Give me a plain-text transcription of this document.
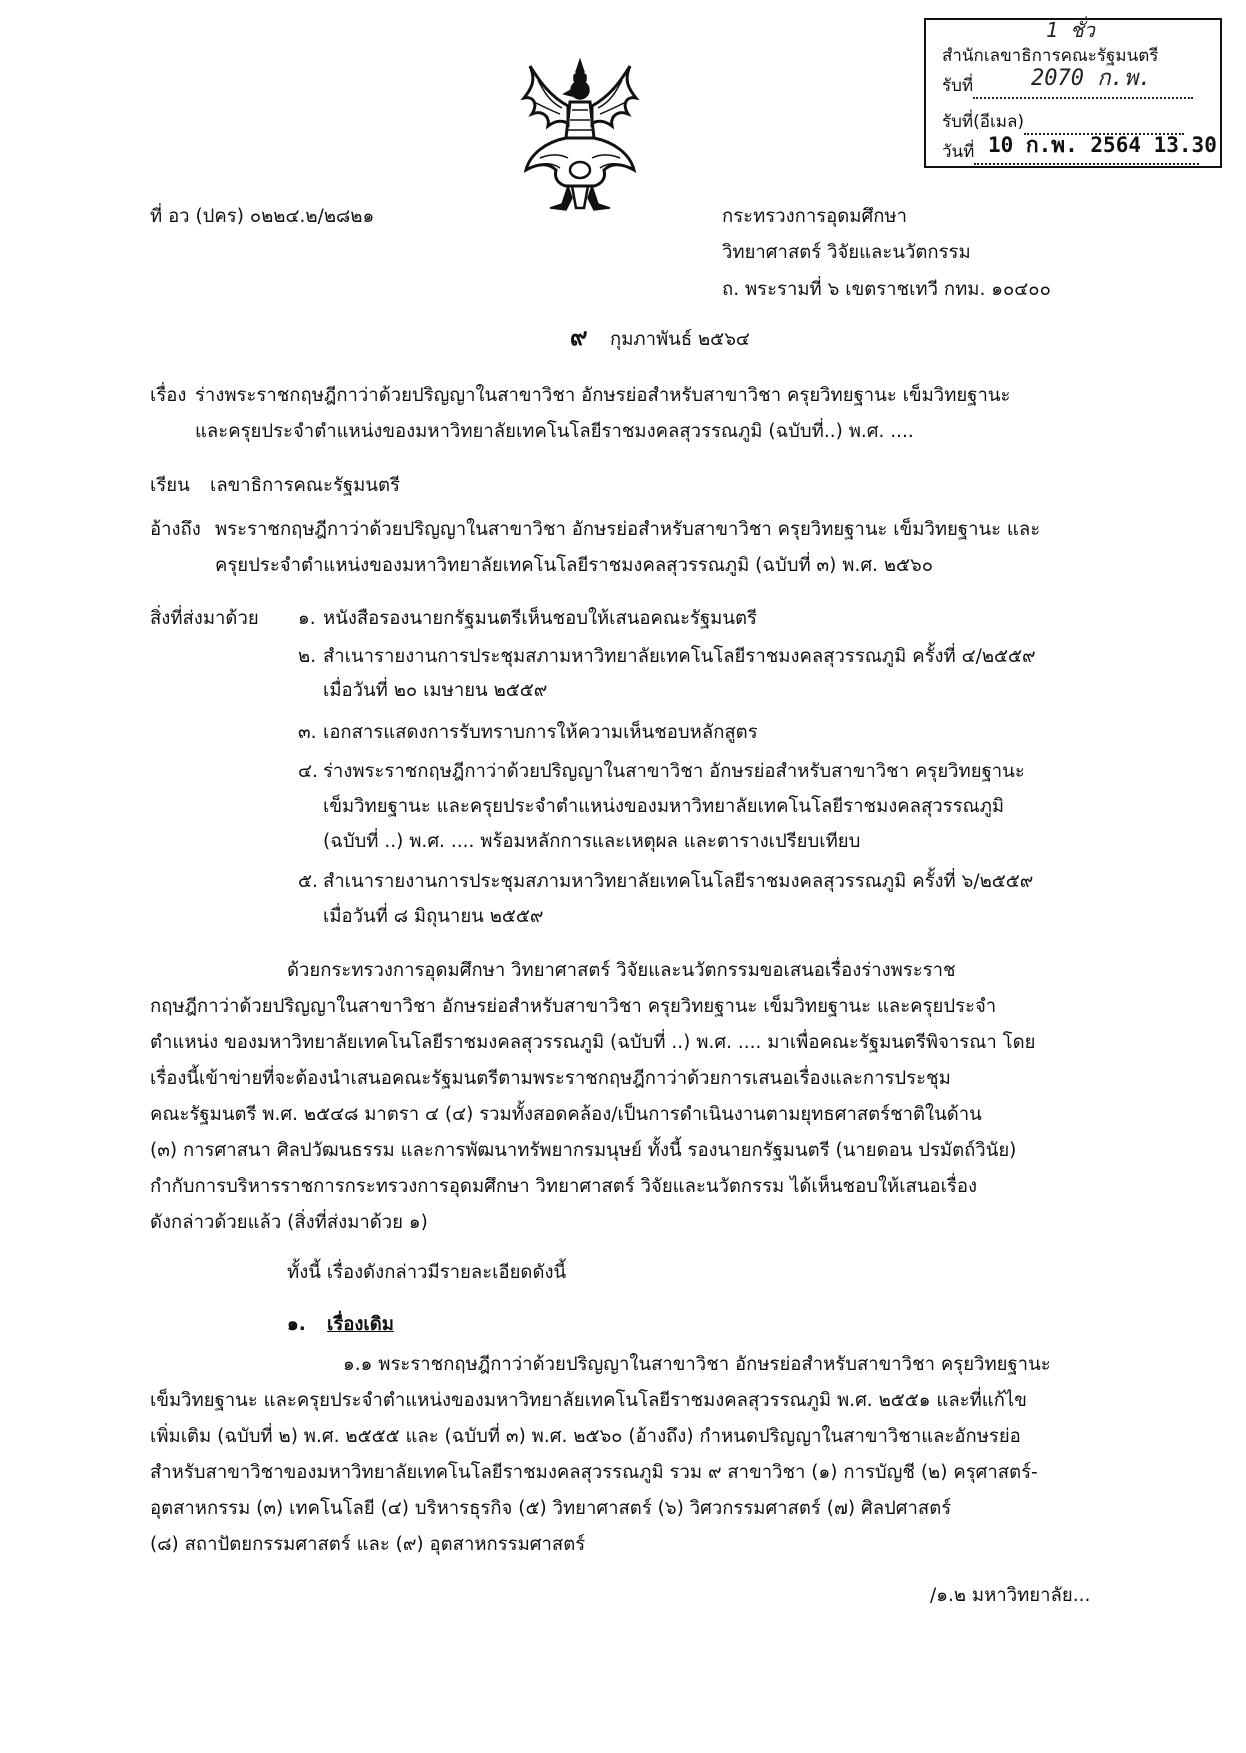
สำนักเลขาธิการคณะรัฐมนตรี
รับที่	2070 ก.พ.
รับที่(อีเมล)
วันที่ 10 ก.พ. 2564 13.30
1 ชั่ว
ที่ อว (ปคร) ๐๒๒๔.๒/๒๘๒๑	กระทรวงการอุดมศึกษา
วิทยาศาสตร์ วิจัยและนวัตกรรม
ถ. พระรามที่ ๖ เขตราชเทวี กทม. ๑๐๔๐๐
๙ กุมภาพันธ์ ๒๕๖๔
เรื่อง ร่างพระราชกฤษฎีกาว่าด้วยปริญญาในสาขาวิชา อักษรย่อสำหรับสาขาวิชา ครุยวิทยฐานะ เข็มวิทยฐานะ
และครุยประจำตำแหน่งของมหาวิทยาลัยเทคโนโลยีราชมงคลสุวรรณภูมิ (ฉบับที่..) พ.ศ. ....
เรียน เลขาธิการคณะรัฐมนตรี
อ้างถึง พระราชกฤษฎีกาว่าด้วยปริญญาในสาขาวิชา อักษรย่อสำหรับสาขาวิชา ครุยวิทยฐานะ เข็มวิทยฐานะ และ
ครุยประจำตำแหน่งของมหาวิทยาลัยเทคโนโลยีราชมงคลสุวรรณภูมิ (ฉบับที่ ๓) พ.ศ. ๒๕๖๐
สิ่งที่ส่งมาด้วย ๑. หนังสือรองนายกรัฐมนตรีเห็นชอบให้เสนอคณะรัฐมนตรี
๒. สำเนารายงานการประชุมสภามหาวิทยาลัยเทคโนโลยีราชมงคลสุวรรณภูมิ ครั้งที่ ๔/๒๕๕๙
เมื่อวันที่ ๒๐ เมษายน ๒๕๕๙
๓. เอกสารแสดงการรับทราบการให้ความเห็นชอบหลักสูตร
๔. ร่างพระราชกฤษฎีกาว่าด้วยปริญญาในสาขาวิชา อักษรย่อสำหรับสาขาวิชา ครุยวิทยฐานะ
เข็มวิทยฐานะ และครุยประจำตำแหน่งของมหาวิทยาลัยเทคโนโลยีราชมงคลสุวรรณภูมิ
(ฉบับที่ ..) พ.ศ. .... พร้อมหลักการและเหตุผล และตารางเปรียบเทียบ
๕. สำเนารายงานการประชุมสภามหาวิทยาลัยเทคโนโลยีราชมงคลสุวรรณภูมิ ครั้งที่ ๖/๒๕๕๙
เมื่อวันที่ ๘ มิถุนายน ๒๕๕๙
ด้วยกระทรวงการอุดมศึกษา วิทยาศาสตร์ วิจัยและนวัตกรรมขอเสนอเรื่องร่างพระราช
กฤษฎีกาว่าด้วยปริญญาในสาขาวิชา อักษรย่อสำหรับสาขาวิชา ครุยวิทยฐานะ เข็มวิทยฐานะ และครุยประจำ
ตำแหน่ง ของมหาวิทยาลัยเทคโนโลยีราชมงคลสุวรรณภูมิ (ฉบับที่ ..) พ.ศ. .... มาเพื่อคณะรัฐมนตรีพิจารณา โดย
เรื่องนี้เข้าข่ายที่จะต้องนำเสนอคณะรัฐมนตรีตามพระราชกฤษฎีกาว่าด้วยการเสนอเรื่องและการประชุม
คณะรัฐมนตรี พ.ศ. ๒๕๔๘ มาตรา ๔ (๔) รวมทั้งสอดคล้อง/เป็นการดำเนินงานตามยุทธศาสตร์ชาติในด้าน
(๓) การศาสนา ศิลปวัฒนธรรม และการพัฒนาทรัพยากรมนุษย์ ทั้งนี้ รองนายกรัฐมนตรี (นายดอน ปรมัตถ์วินัย)
กำกับการบริหารราชการกระทรวงการอุดมศึกษา วิทยาศาสตร์ วิจัยและนวัตกรรม ได้เห็นชอบให้เสนอเรื่อง
ดังกล่าวด้วยแล้ว (สิ่งที่ส่งมาด้วย ๑)
ทั้งนี้ เรื่องดังกล่าวมีรายละเอียดดังนี้
๑. เรื่องเดิม
๑.๑ พระราชกฤษฎีกาว่าด้วยปริญญาในสาขาวิชา อักษรย่อสำหรับสาขาวิชา ครุยวิทยฐานะ
เข็มวิทยฐานะ และครุยประจำตำแหน่งของมหาวิทยาลัยเทคโนโลยีราชมงคลสุวรรณภูมิ พ.ศ. ๒๕๕๑ และที่แก้ไข
เพิ่มเติม (ฉบับที่ ๒) พ.ศ. ๒๕๕๕ และ (ฉบับที่ ๓) พ.ศ. ๒๕๖๐ (อ้างถึง) กำหนดปริญญาในสาขาวิชาและอักษรย่อ
สำหรับสาขาวิชาของมหาวิทยาลัยเทคโนโลยีราชมงคลสุวรรณภูมิ รวม ๙ สาขาวิชา (๑) การบัญชี (๒) ครุศาสตร์-
อุตสาหกรรม (๓) เทคโนโลยี (๔) บริหารธุรกิจ (๕) วิทยาศาสตร์ (๖) วิศวกรรมศาสตร์ (๗) ศิลปศาสตร์
(๘) สถาปัตยกรรมศาสตร์ และ (๙) อุตสาหกรรมศาสตร์
/๑.๒ มหาวิทยาลัย...
